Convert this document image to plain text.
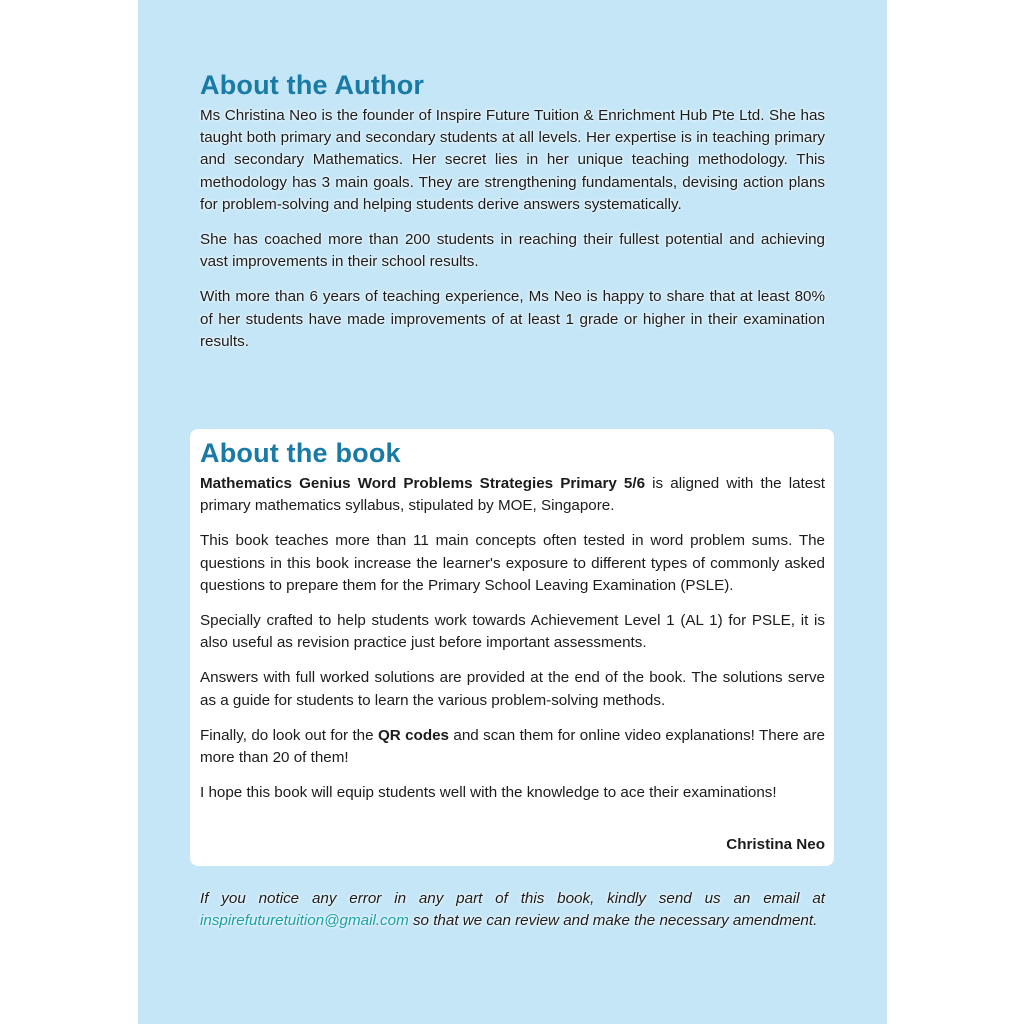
About the Author

Ms Christina Neo is the founder of Inspire Future Tuition & Enrichment Hub Pte Ltd. She has taught both primary and secondary students at all levels. Her expertise is in teaching primary and secondary Mathematics. Her secret lies in her unique teaching methodology. This methodology has 3 main goals. They are strengthening fundamentals, devising action plans for problem-solving and helping students derive answers systematically.

She has coached more than 200 students in reaching their fullest potential and achieving vast improvements in their school results.

With more than 6 years of teaching experience, Ms Neo is happy to share that at least 80% of her students have made improvements of at least 1 grade or higher in their examination results.

About the book

Mathematics Genius Word Problems Strategies Primary 5/6 is aligned with the latest primary mathematics syllabus, stipulated by MOE, Singapore.

This book teaches more than 11 main concepts often tested in word problem sums. The questions in this book increase the learner's exposure to different types of commonly asked questions to prepare them for the Primary School Leaving Examination (PSLE).

Specially crafted to help students work towards Achievement Level 1 (AL 1) for PSLE, it is also useful as revision practice just before important assessments.

Answers with full worked solutions are provided at the end of the book. The solutions serve as a guide for students to learn the various problem-solving methods.

Finally, do look out for the QR codes and scan them for online video explanations! There are more than 20 of them!

I hope this book will equip students well with the knowledge to ace their examinations!

Christina Neo

If you notice any error in any part of this book, kindly send us an email at inspirefuturetuition@gmail.com so that we can review and make the necessary amendment.
